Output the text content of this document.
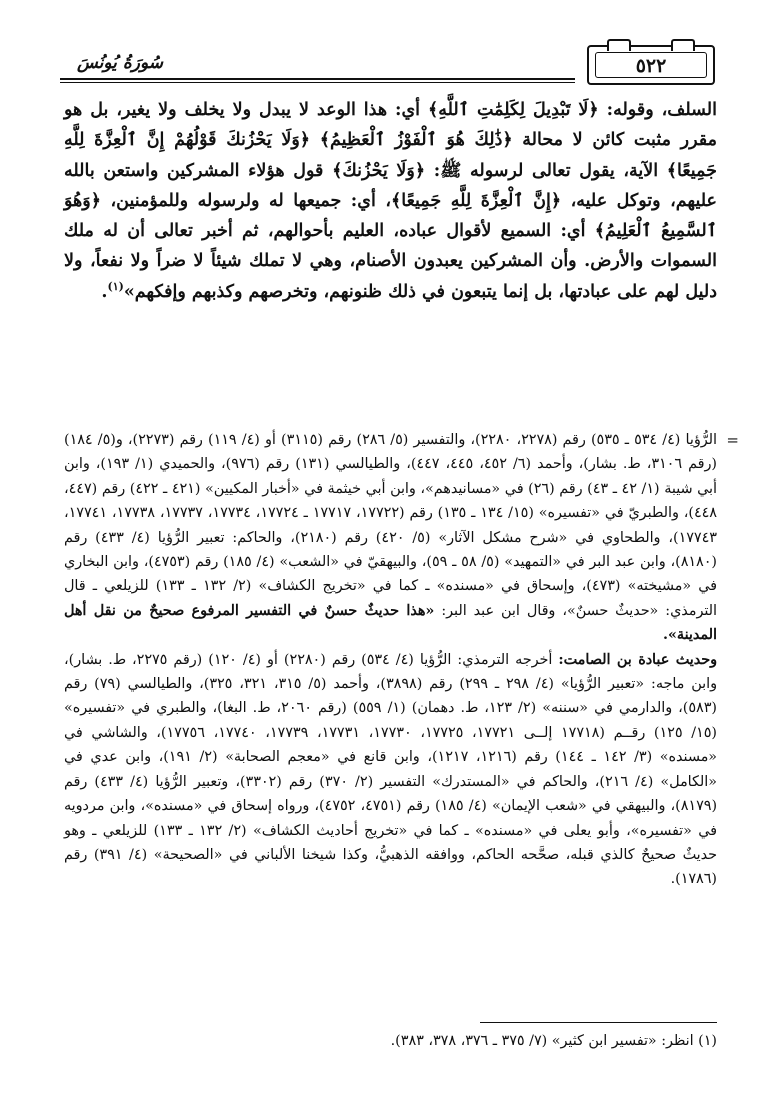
سُورَةُ يُونُسَ	٥٢٢

السلف، وقوله: ﴿لَا تَبْدِيلَ لِكَلِمَٰتِ ٱللَّهِ﴾ أي: هذا الوعد لا يبدل ولا يخلف ولا يغير، بل هو مقرر مثبت كائن لا محالة ﴿ذَٰلِكَ هُوَ ٱلْفَوْزُ ٱلْعَظِيمُ﴾ ﴿وَلَا يَحْزُنكَ قَوْلُهُمْ إِنَّ ٱلْعِزَّةَ لِلَّهِ جَمِيعًا﴾ الآية، يقول تعالى لرسوله ﷺ: ﴿وَلَا يَحْزُنكَ﴾ قول هؤلاء المشركين واستعن بالله عليهم، وتوكل عليه، ﴿إِنَّ ٱلْعِزَّةَ لِلَّهِ جَمِيعًا﴾، أي: جميعها له ولرسوله وللمؤمنين، ﴿وَهُوَ ٱلسَّمِيعُ ٱلْعَلِيمُ﴾ أي: السميع لأقوال عباده، العليم بأحوالهم، ثم أخبر تعالى أن له ملك السموات والأرض. وأن المشركين يعبدون الأصنام، وهي لا تملك شيئاً لا ضراً ولا نفعاً، ولا دليل لهم على عبادتها، بل إنما يتبعون في ذلك ظنونهم، وتخرصهم وكذبهم وإفكهم»$^{(١)}$.

=

الرُّؤيا (٤/ ٥٣٤ ـ ٥٣٥) رقم (٢٢٧٨، ٢٢٨٠)، والتفسير (٥/ ٢٨٦) رقم (٣١١٥) أو (٤/ ١١٩) رقم (٢٢٧٣)، و(٥/ ١٨٤) (رقم ٣١٠٦، ط. بشار)، وأحمد (٦/ ٤٥٢، ٤٤٥، ٤٤٧)، والطيالسي (١٣١) رقم (٩٧٦)، والحميدي (١/ ١٩٣)، وابن أبي شيبة (١/ ٤٢ ـ ٤٣) رقم (٢٦) في «مسانيدهم»، وابن أبي خيثمة في «أخبار المكيين» (٤٢١ ـ ٤٢٢) رقم (٤٤٧، ٤٤٨)، والطبريّ في «تفسيره» (١٥/ ١٣٤ ـ ١٣٥) رقم (١٧٧٢٢، ١٧٧١٧ ـ ١٧٧٢٤، ١٧٧٣٤، ١٧٧٣٧، ١٧٧٣٨، ١٧٧٤١، ١٧٧٤٣)، والطحاوي في «شرح مشكل الآثار» (٥/ ٤٢٠) رقم (٢١٨٠)، والحاكم: تعبير الرُّؤيا (٤/ ٤٣٣) رقم (٨١٨٠)، وابن عبد البر في «التمهيد» (٥/ ٥٨ ـ ٥٩)، والبيهقيّ في «الشعب» (٤/ ١٨٥) رقم (٤٧٥٣)، وابن البخاري في «مشيخته» (٤٧٣)، وإسحاق في «مسنده» ـ كما في «تخريج الكشاف» (٢/ ١٣٢ ـ ١٣٣) للزيلعي ـ قال الترمذي: «حديثٌ حسنٌ»، وقال ابن عبد البر: «هذا حديثٌ حسنٌ في التفسير المرفوع صحيحٌ من نقل أهل المدينة».

وحديث عبادة بن الصامت: أخرجه الترمذي: الرُّؤيا (٤/ ٥٣٤) رقم (٢٢٨٠) أو (٤/ ١٢٠) (رقم ٢٢٧٥، ط. بشار)، وابن ماجه: «تعبير الرُّؤيا» (٤/ ٢٩٨ ـ ٢٩٩) رقم (٣٨٩٨)، وأحمد (٥/ ٣١٥، ٣٢١، ٣٢٥)، والطيالسي (٧٩) رقم (٥٨٣)، والدارمي في «سننه» (٢/ ١٢٣، ط. دهمان) (١/ ٥٥٩) (رقم ٢٠٦٠، ط. البغا)، والطبري في «تفسيره» (١٥/ ١٢٥) رقــم (١٧٧١٨ إلــى ١٧٧٢١، ١٧٧٢٥، ١٧٧٣٠، ١٧٧٣١، ١٧٧٣٩، ١٧٧٤٠، ١٧٧٥٦)، والشاشي في «مسنده» (٣/ ١٤٢ ـ ١٤٤) رقم (١٢١٦، ١٢١٧)، وابن قانع في «معجم الصحابة» (٢/ ١٩١)، وابن عدي في «الكامل» (٤/ ٢١٦)، والحاكم في «المستدرك» التفسير (٢/ ٣٧٠) رقم (٣٣٠٢)، وتعبير الرُّؤيا (٤/ ٤٣٣) رقم (٨١٧٩)، والبيهقي في «شعب الإيمان» (٤/ ١٨٥) رقم (٤٧٥١، ٤٧٥٢)، ورواه إسحاق في «مسنده»، وابن مردويه في «تفسيره»، وأبو يعلى في «مسنده» ـ كما في «تخريج أحاديث الكشاف» (٢/ ١٣٢ ـ ١٣٣) للزيلعي ـ وهو حديثٌ صحيحٌ كالذي قبله، صحَّحه الحاكم، ووافقه الذهبيُّ، وكذا شيخنا الألباني في «الصحيحة» (٤/ ٣٩١) رقم (١٧٨٦).

(١) انظر: «تفسير ابن كثير» (٧/ ٣٧٥ ـ ٣٧٦، ٣٧٨، ٣٨٣).
